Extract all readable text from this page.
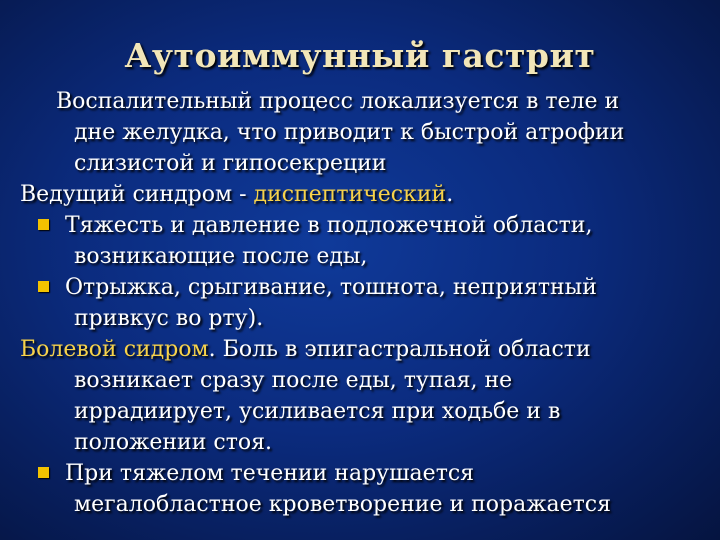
Аутоиммунный гастрит
Воспалительный процесс локализуется в теле и дне желудка, что приводит к быстрой атрофии слизистой и гипосекреции
Ведущий синдром - диспептический.
Тяжесть и давление в подложечной области, возникающие после еды,
Отрыжка, срыгивание, тошнота, неприятный привкус во рту).
Болевой сидром. Боль в эпигастральной области возникает сразу после еды, тупая, не иррадиирует, усиливается при ходьбе и в положении стоя.
При тяжелом течении нарушается мегалобластное кроветворение и поражается
